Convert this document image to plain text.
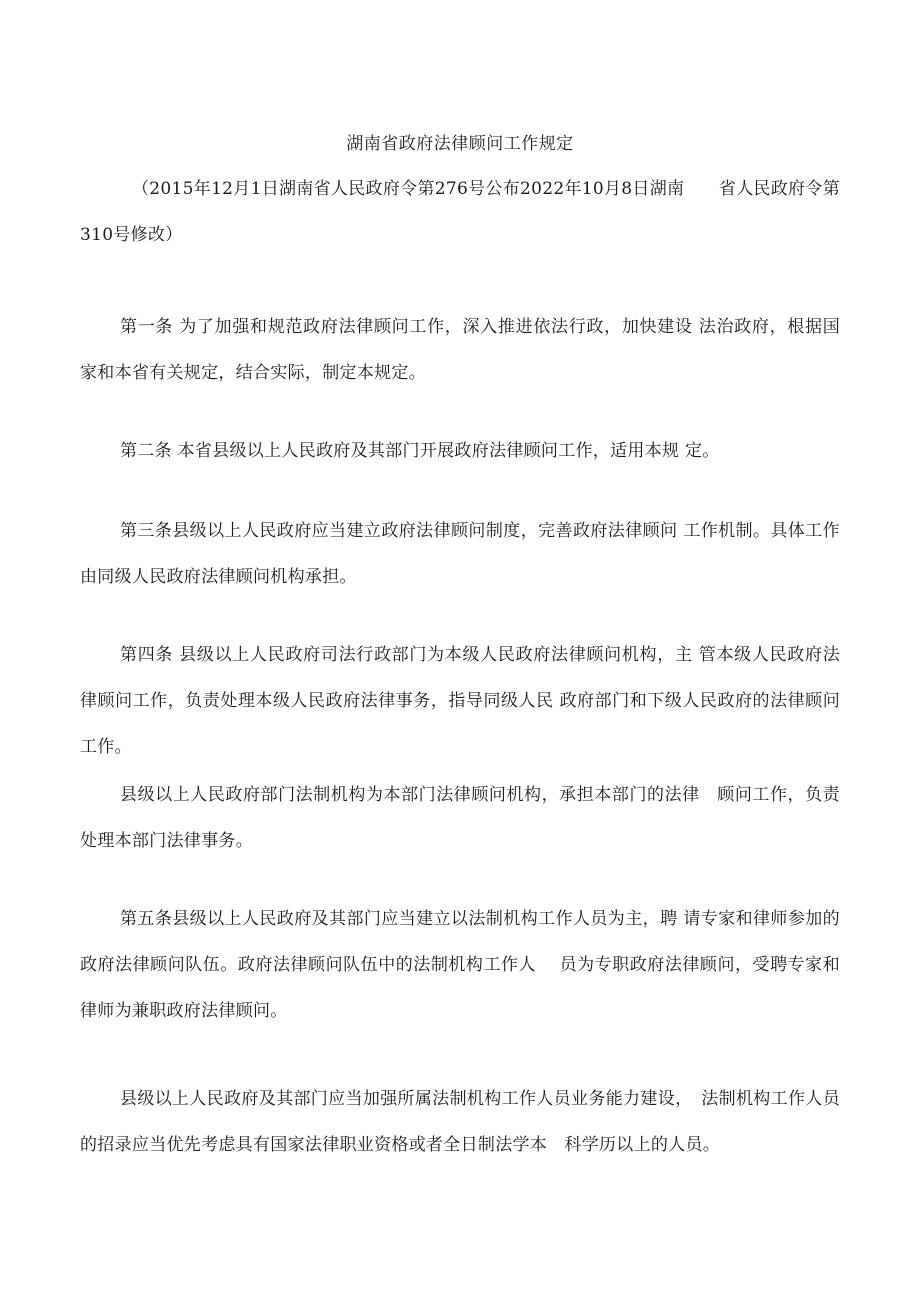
湖南省政府法律顾问工作规定

（2015年12月1日湖南省人民政府令第276号公布2022年10月8日湖南　　省人民政府令第310号修改）

第一条 为了加强和规范政府法律顾问工作，深入推进依法行政，加快建设 法治政府，根据国家和本省有关规定，结合实际，制定本规定。

第二条 本省县级以上人民政府及其部门开展政府法律顾问工作，适用本规 定。

第三条县级以上人民政府应当建立政府法律顾问制度，完善政府法律顾问 工作机制。具体工作由同级人民政府法律顾问机构承担。

第四条 县级以上人民政府司法行政部门为本级人民政府法律顾问机构，主 管本级人民政府法律顾问工作，负责处理本级人民政府法律事务，指导同级人民 政府部门和下级人民政府的法律顾问工作。

县级以上人民政府部门法制机构为本部门法律顾问机构，承担本部门的法律　顾问工作，负责处理本部门法律事务。

第五条县级以上人民政府及其部门应当建立以法制机构工作人员为主，聘 请专家和律师参加的政府法律顾问队伍。政府法律顾问队伍中的法制机构工作人　 员为专职政府法律顾问，受聘专家和律师为兼职政府法律顾问。

县级以上人民政府及其部门应当加强所属法制机构工作人员业务能力建设，　法制机构工作人员的招录应当优先考虑具有国家法律职业资格或者全日制法学本　科学历以上的人员。
